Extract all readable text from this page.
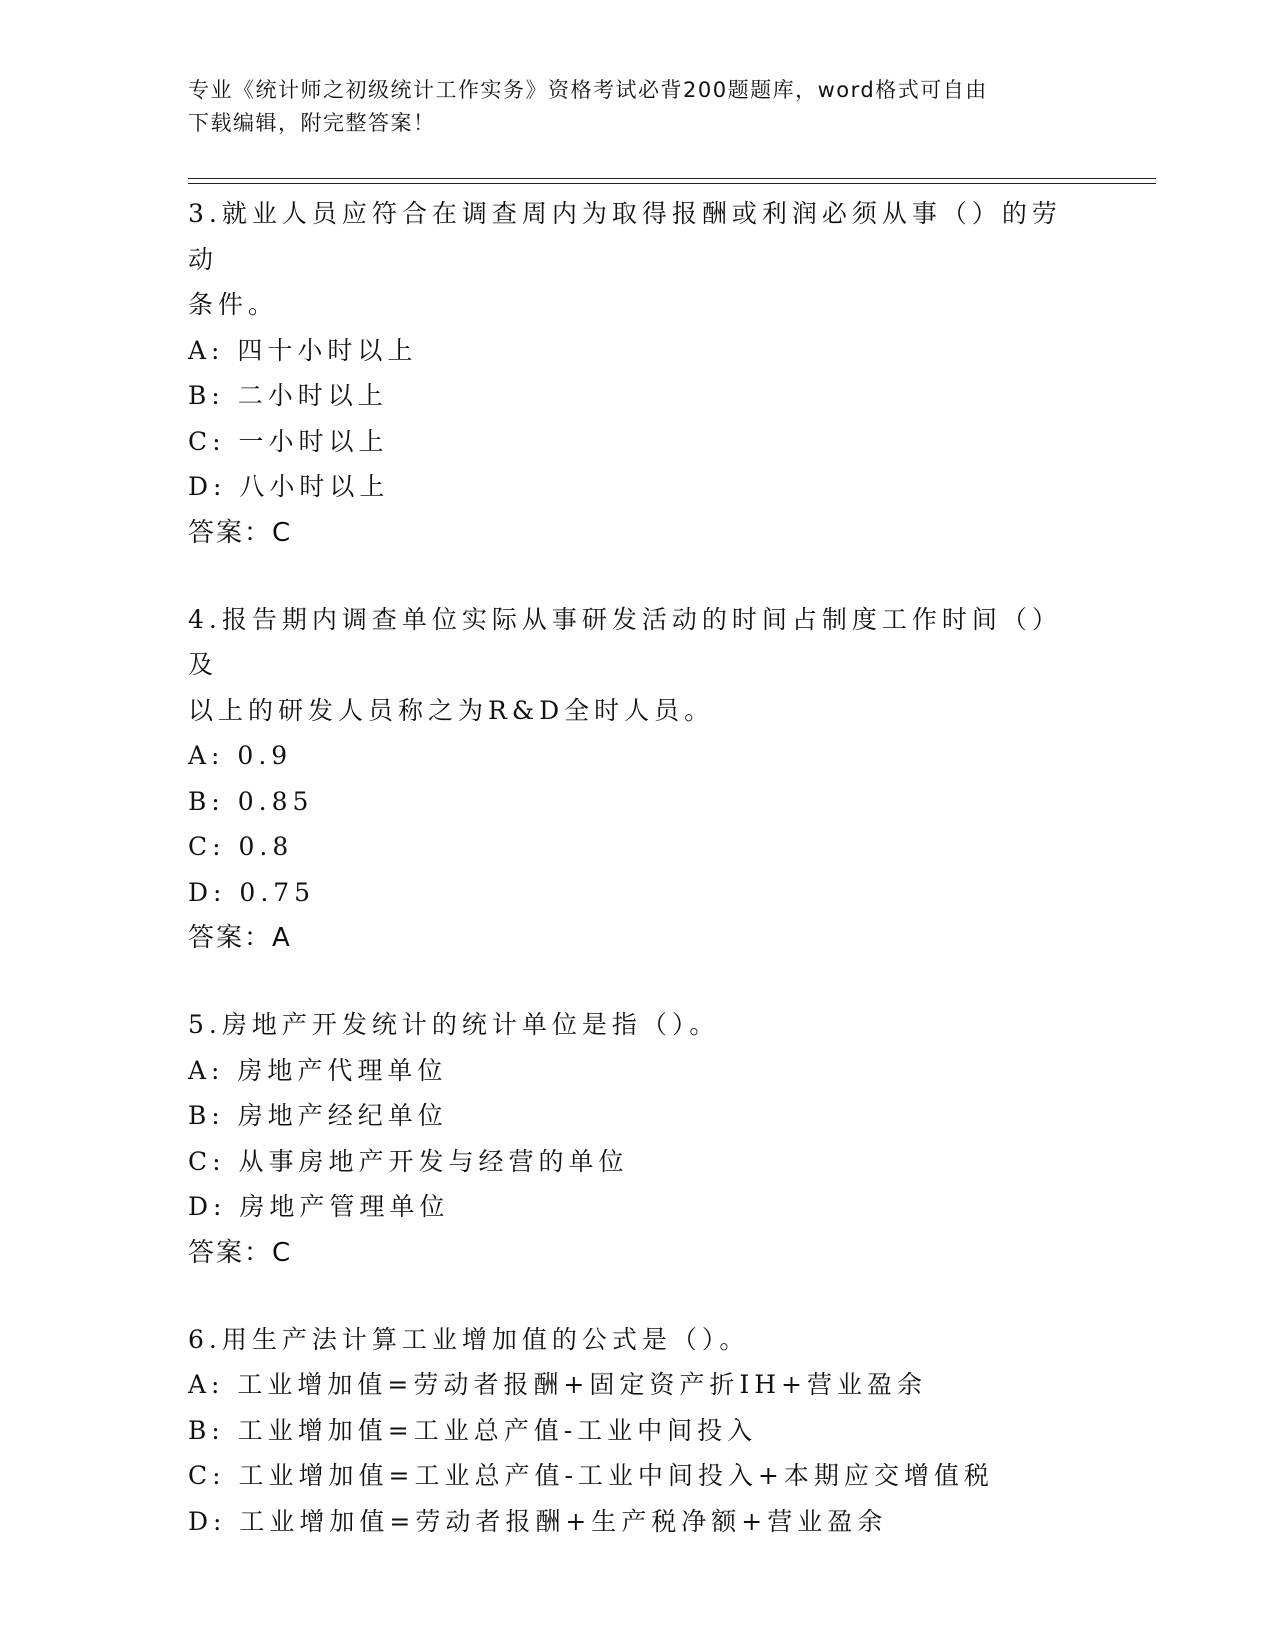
专业《统计师之初级统计工作实务》资格考试必背200题题库，word格式可自由
下载编辑，附完整答案！

3.就业人员应符合在调查周内为取得报酬或利润必须从事（）的劳动

条件。

A: 四十小时以上

B: 二小时以上

C: 一小时以上

D: 八小时以上

答案：C

4.报告期内调查单位实际从事研发活动的时间占制度工作时间（）及

以上的研发人员称之为R&D全时人员。

A: 0.9

B: 0.85

C: 0.8

D: 0.75

答案：A

5.房地产开发统计的统计单位是指（）。

A: 房地产代理单位

B: 房地产经纪单位

C: 从事房地产开发与经营的单位

D: 房地产管理单位

答案：C

6.用生产法计算工业增加值的公式是（）。

A: 工业增加值=劳动者报酬+固定资产折IH+营业盈余

B: 工业增加值=工业总产值-工业中间投入

C: 工业增加值=工业总产值-工业中间投入+本期应交增值税

D: 工业增加值=劳动者报酬+生产税净额+营业盈余
